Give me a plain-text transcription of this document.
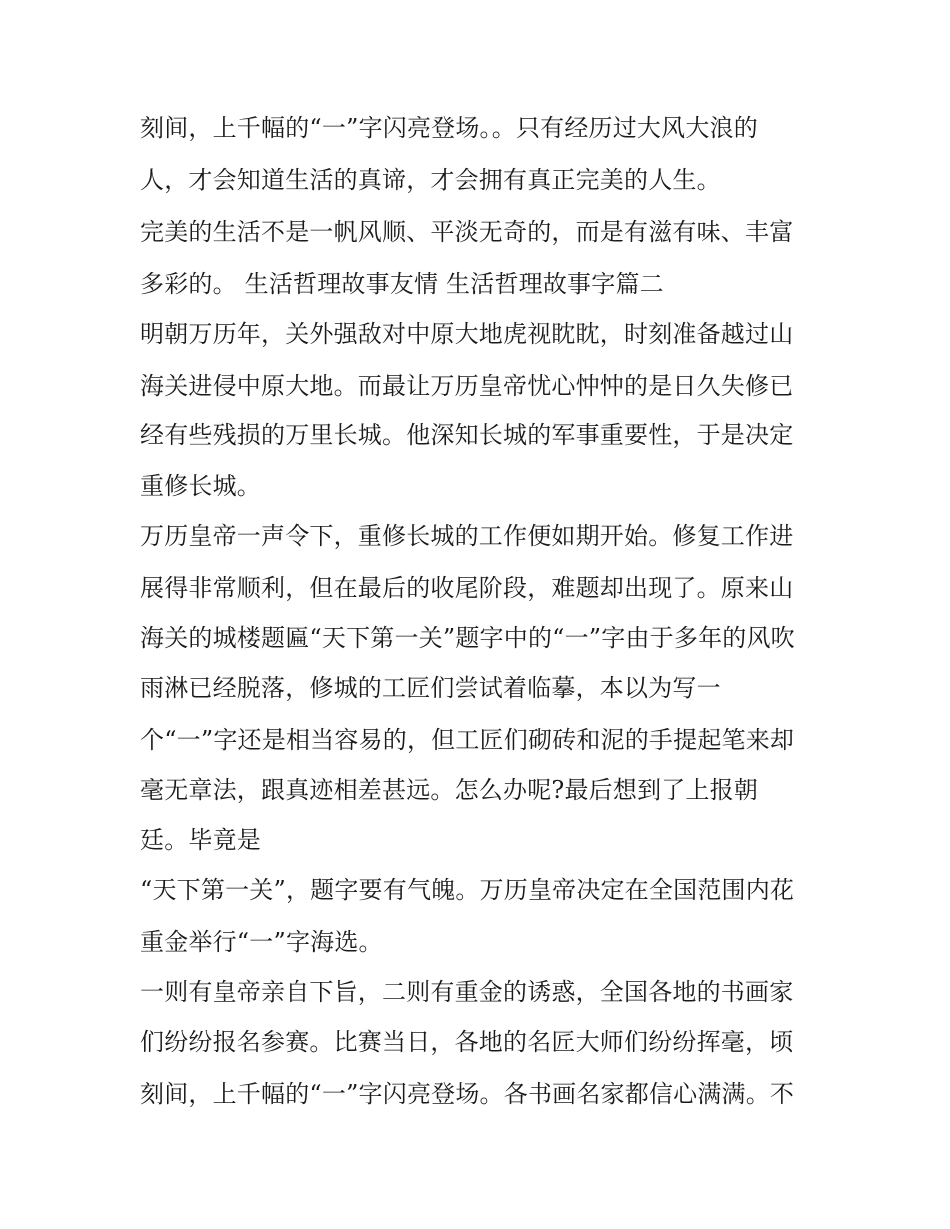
刻间，上千幅的“一”字闪亮登场。。只有经历过大风大浪的
人，才会知道生活的真谛，才会拥有真正完美的人生。
完美的生活不是一帆风顺、平淡无奇的，而是有滋有味、丰富
多彩的。 生活哲理故事友情 生活哲理故事字篇二
明朝万历年，关外强敌对中原大地虎视眈眈，时刻准备越过山
海关进侵中原大地。而最让万历皇帝忧心忡忡的是日久失修已
经有些残损的万里长城。他深知长城的军事重要性，于是决定
重修长城。
万历皇帝一声令下，重修长城的工作便如期开始。修复工作进
展得非常顺利，但在最后的收尾阶段，难题却出现了。原来山
海关的城楼题匾“天下第一关”题字中的“一”字由于多年的风吹
雨淋已经脱落，修城的工匠们尝试着临摹，本以为写一
个“一”字还是相当容易的，但工匠们砌砖和泥的手提起笔来却
毫无章法，跟真迹相差甚远。怎么办呢?最后想到了上报朝
廷。毕竟是
“天下第一关”，题字要有气魄。万历皇帝决定在全国范围内花
重金举行“一”字海选。
一则有皇帝亲自下旨，二则有重金的诱惑，全国各地的书画家
们纷纷报名参赛。比赛当日，各地的名匠大师们纷纷挥毫，顷
刻间，上千幅的“一”字闪亮登场。各书画名家都信心满满。不
